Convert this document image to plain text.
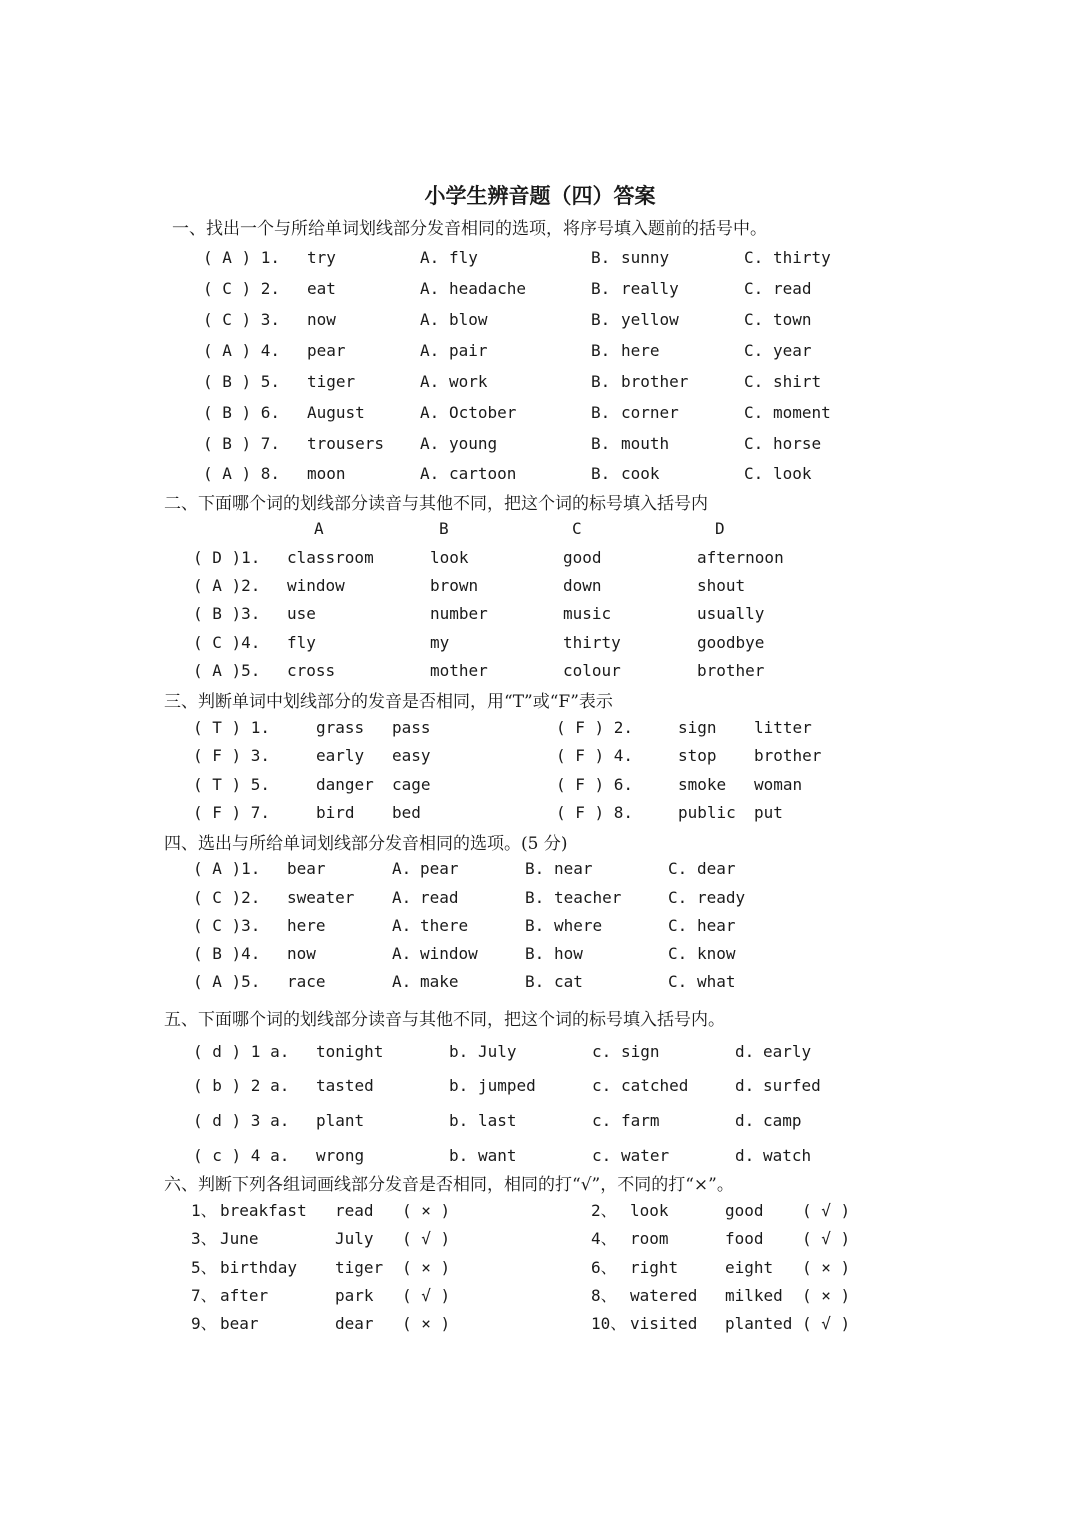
小学生辨音题（四）答案
一、找出一个与所给单词划线部分发音相同的选项，将序号填入题前的括号中。
( A ) 1. try	A. fly	B. sunny	C. thirty
( C ) 2. eat	A. headache	B. really	C. read
( C ) 3. now	A. blow	B. yellow	C. town
( A ) 4. pear	A. pair	B. here	C. year
( B ) 5. tiger	A. work	B. brother	C. shirt
( B ) 6. August	A. October	B. corner	C. moment
( B ) 7. trousers A. young	B. mouth	C. horse
( A ) 8. moon	A. cartoon	B. cook	C. look
二、下面哪个词的划线部分读音与其他不同，把这个词的标号填入括号内
A	B	C	D
( D )1. classroom	look	good	afternoon
( A )2. window	brown	down	shout
( B )3. use	number	music	usually
( C )4. fly	my	thirty	goodbye
( A )5. cross	mother	colour	brother
三、判断单词中划线部分的发音是否相同，用“T”或“F”表示
( T ) 1.	grass pass	( F ) 2.	sign litter
( F ) 3.	early easy	( F ) 4.	stop brother
( T ) 5.	danger cage	( F ) 6.	smoke woman
( F ) 7.	bird bed	( F ) 8.	public put
四、选出与所给单词划线部分发音相同的选项。(5 分)
( A )1. bear	A. pear	B. near	C. dear
( C )2. sweater A. read	B. teacher	C. ready
( C )3. here	A. there	B. where	C. hear
( B )4. now	A. window	B. how	C. know
( A )5. race	A. make	B. cat	C. what
五、下面哪个词的划线部分读音与其他不同，把这个词的标号填入括号内。
( d ) 1 a. tonight	b. July	c. sign	d. early
( b ) 2 a. tasted	b. jumped	c. catched	d. surfed
( d ) 3 a. plant	b. last	c. farm	d. camp
( c ) 4 a. wrong	b. want	c. water	d. watch
六、判断下列各组词画线部分发音是否相同，相同的打“√”，不同的打“×”。
1、 breakfast read ( × )	2、 look	good ( √ )
3、 June	July ( √ )	4、 room	food ( √ )
5、 birthday tiger ( × )	6、 right	eight ( × )
7、 after	park ( √ )	8、 watered milked ( × )
9、 bear	dear ( × )	10、 visited planted ( √ )
